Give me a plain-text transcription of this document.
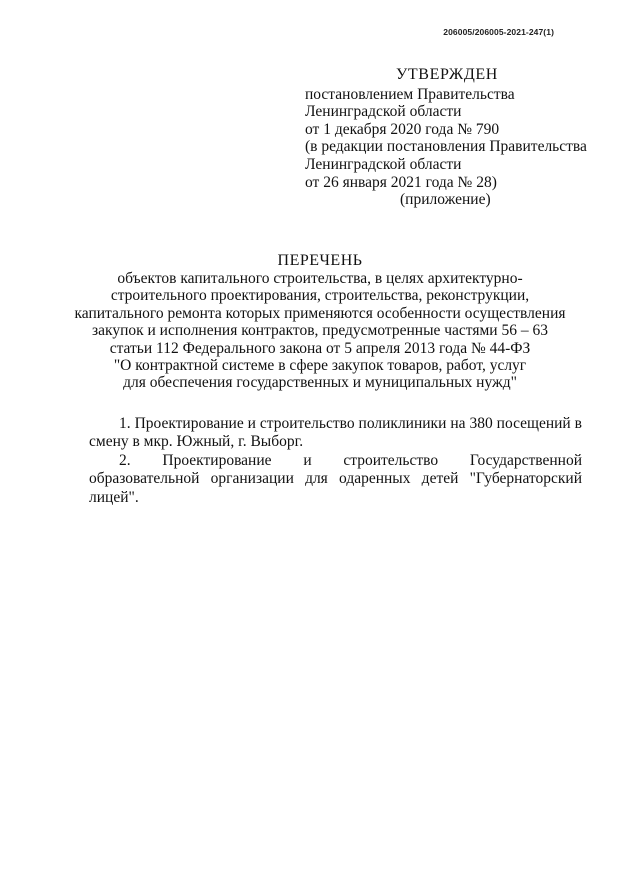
206005/206005-2021-247(1)
УТВЕРЖДЕН
постановлением Правительства
Ленинградской области
от 1 декабря 2020 года № 790
(в редакции постановления Правительства
Ленинградской области
от 26 января 2021 года № 28)
(приложение)
ПЕРЕЧЕНЬ
объектов капитального строительства, в целях архитектурно-
строительного проектирования, строительства, реконструкции,
капитального ремонта которых применяются особенности осуществления
закупок и исполнения контрактов, предусмотренные частями 56 – 63
статьи 112 Федерального закона от 5 апреля 2013 года № 44-ФЗ
"О контрактной системе в сфере закупок товаров, работ, услуг
для обеспечения государственных и муниципальных нужд"

1. Проектирование и строительство поликлиники на 380 посещений в смену в мкр. Южный, г. Выборг.

2. Проектирование и строительство Государственной
образовательной организации для одаренных детей "Губернаторский лицей".
